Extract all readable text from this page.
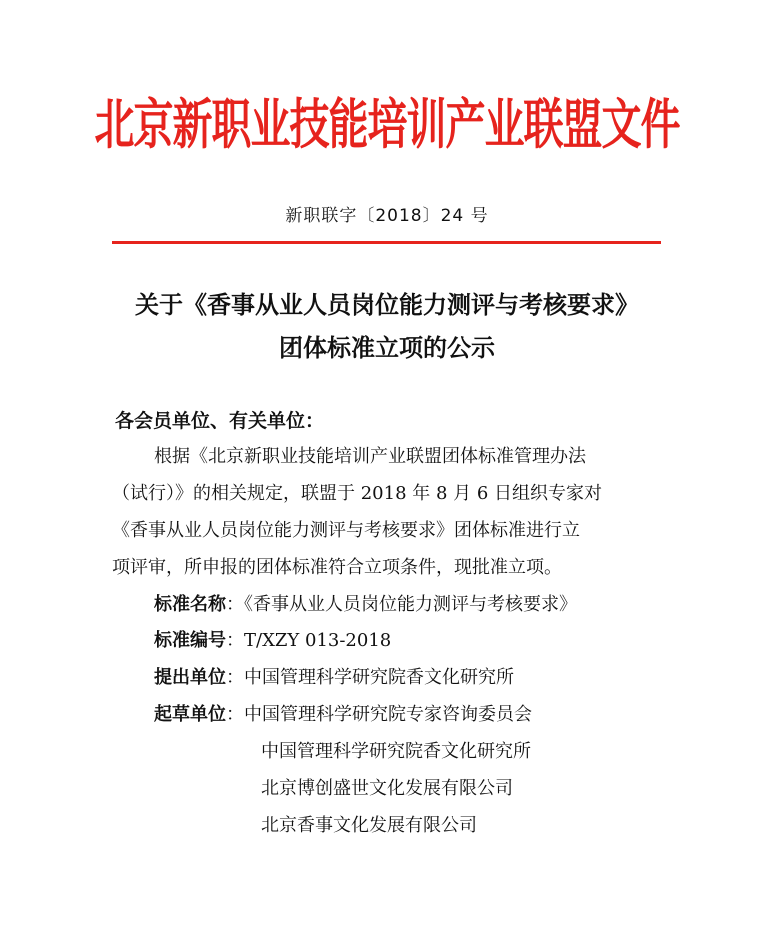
北京新职业技能培训产业联盟文件
新职联字〔2018〕24 号
关于《香事从业人员岗位能力测评与考核要求》
团体标准立项的公示
各会员单位、有关单位：
根据《北京新职业技能培训产业联盟团体标准管理办法
（试行）》的相关规定，联盟于 2018 年 8 月 6 日组织专家对
《香事从业人员岗位能力测评与考核要求》团体标准进行立
项评审，所申报的团体标准符合立项条件，现批准立项。
标准名称：《香事从业人员岗位能力测评与考核要求》
标准编号：T/XZY 013-2018
提出单位：中国管理科学研究院香文化研究所
起草单位：中国管理科学研究院专家咨询委员会
中国管理科学研究院香文化研究所
北京博创盛世文化发展有限公司
北京香事文化发展有限公司
